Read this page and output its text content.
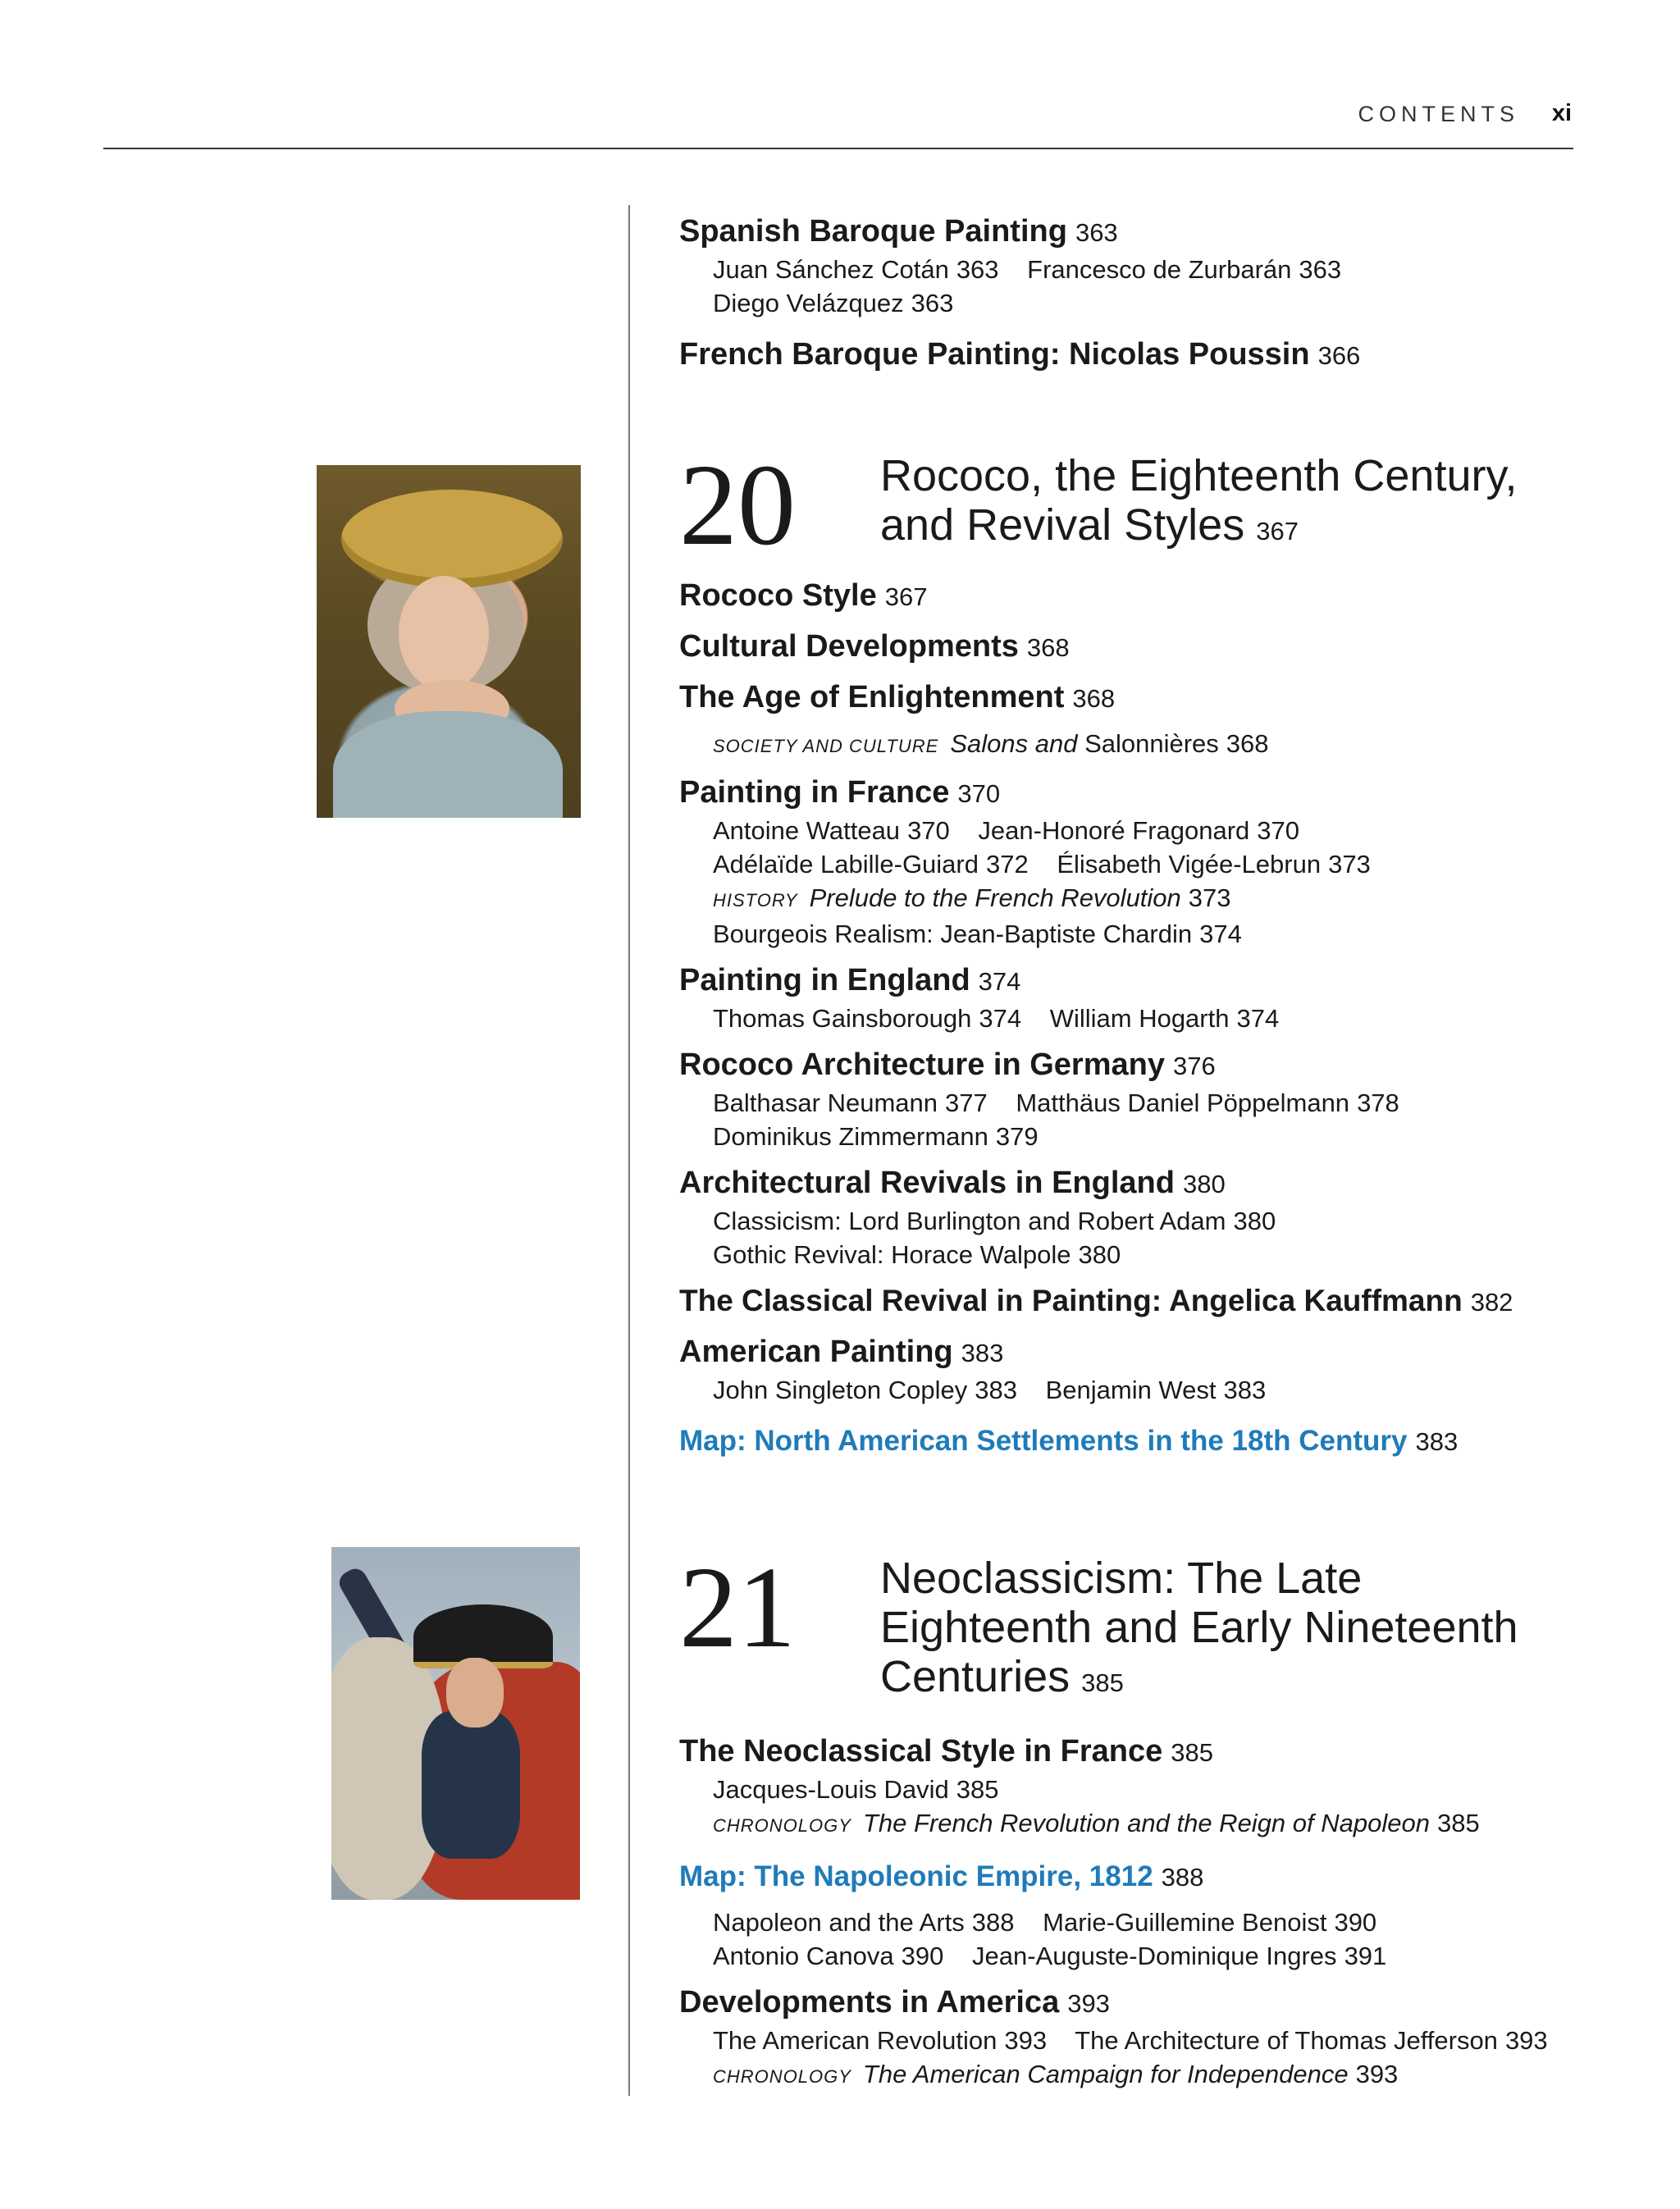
CONTENTS xi
Spanish Baroque Painting 363
Juan Sánchez Cotán 363 Francesco de Zurbarán 363
Diego Velázquez 363
French Baroque Painting: Nicolas Poussin 366
20 Rococo, the Eighteenth Century,
and Revival Styles 367
Rococo Style 367
Cultural Developments 368
The Age of Enlightenment 368
SOCIETY AND CULTURE Salons and Salonnières 368
Painting in France 370
Antoine Watteau 370 Jean-Honoré Fragonard 370
Adélaïde Labille-Guiard 372 Élisabeth Vigée-Lebrun 373
HISTORY Prelude to the French Revolution 373
Bourgeois Realism: Jean-Baptiste Chardin 374
Painting in England 374
Thomas Gainsborough 374 William Hogarth 374
Rococo Architecture in Germany 376
Balthasar Neumann 377 Matthäus Daniel Pöppelmann 378
Dominikus Zimmermann 379
Architectural Revivals in England 380
Classicism: Lord Burlington and Robert Adam 380
Gothic Revival: Horace Walpole 380
The Classical Revival in Painting: Angelica Kauffmann 382
American Painting 383
John Singleton Copley 383 Benjamin West 383
Map: North American Settlements in the 18th Century 383
21 Neoclassicism: The Late
Eighteenth and Early Nineteenth
Centuries 385
The Neoclassical Style in France 385
Jacques-Louis David 385
CHRONOLOGY The French Revolution and the Reign of Napoleon 385
Map: The Napoleonic Empire, 1812 388
Napoleon and the Arts 388 Marie-Guillemine Benoist 390
Antonio Canova 390 Jean-Auguste-Dominique Ingres 391
Developments in America 393
The American Revolution 393 The Architecture of Thomas Jefferson 393
CHRONOLOGY The American Campaign for Independence 393
